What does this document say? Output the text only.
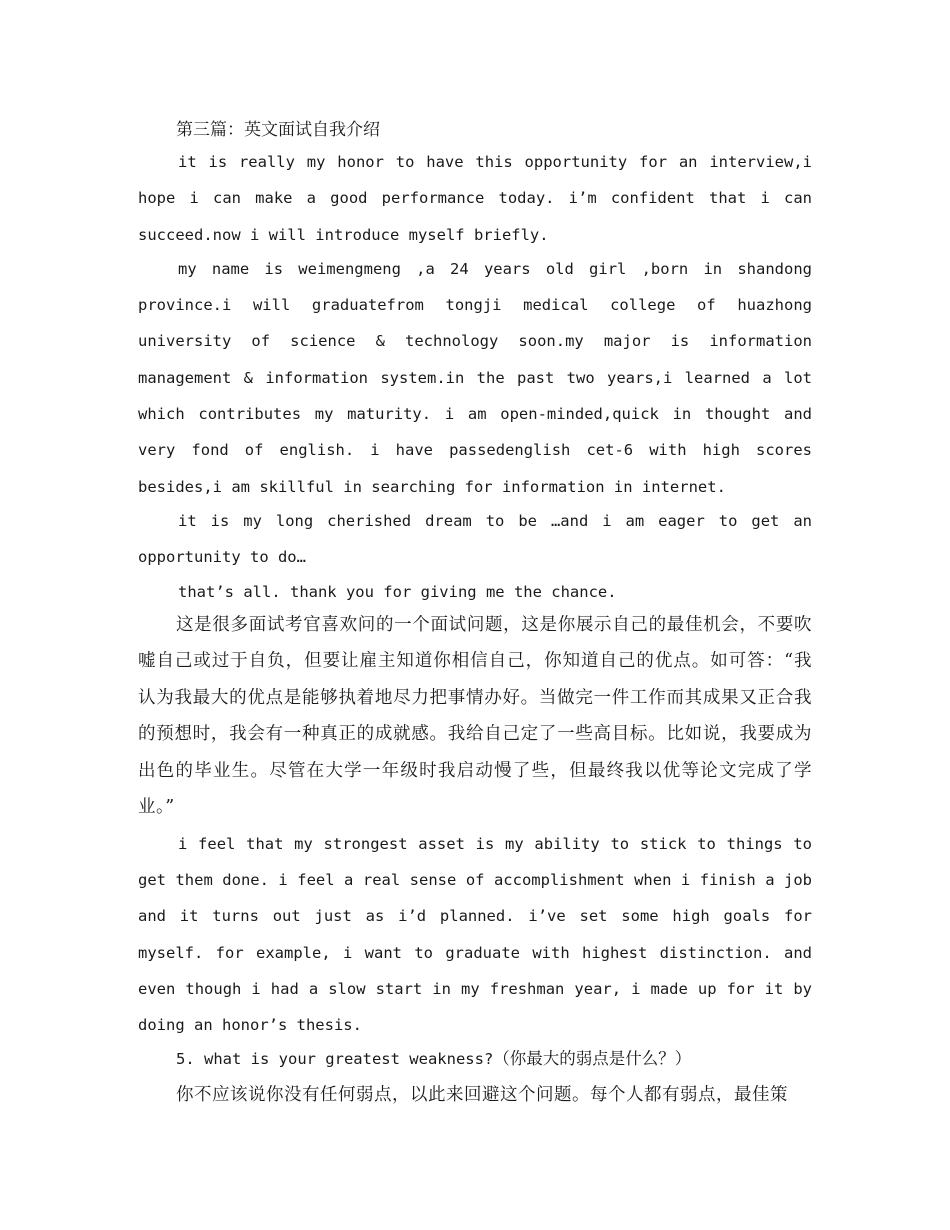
第三篇：英文面试自我介绍

it is really my honor to have this opportunity for an interview,i hope i can make a good performance today. i’m confident that i can succeed.now i will introduce myself briefly.

my name is weimengmeng ,a 24 years old girl ,born in shandong province.i will graduatefrom tongji medical college of huazhong university of science & technology soon.my major is information management & information system.in the past two years,i learned a lot which contributes my maturity. i am open-minded,quick in thought and very fond of english. i have passedenglish cet-6 with high scores besides,i am skillful in searching for information in internet.

it is my long cherished dream to be …and i am eager to get an opportunity to do…

that’s all. thank you for giving me the chance.

这是很多面试考官喜欢问的一个面试问题，这是你展示自己的最佳机会，不要吹嘘自己或过于自负，但要让雇主知道你相信自己，你知道自己的优点。如可答：“我认为我最大的优点是能够执着地尽力把事情办好。当做完一件工作而其成果又正合我的预想时，我会有一种真正的成就感。我给自己定了一些高目标。比如说，我要成为出色的毕业生。尽管在大学一年级时我启动慢了些，但最终我以优等论文完成了学业。”

i feel that my strongest asset is my ability to stick to things to get them done. i feel a real sense of accomplishment when i finish a job and it turns out just as i’d planned. i’ve set some high goals for myself. for example, i want to graduate with highest distinction. and even though i had a slow start in my freshman year, i made up for it by doing an honor’s thesis.

5. what is your greatest weakness?（你最大的弱点是什么？）

你不应该说你没有任何弱点，以此来回避这个问题。每个人都有弱点，最佳策
